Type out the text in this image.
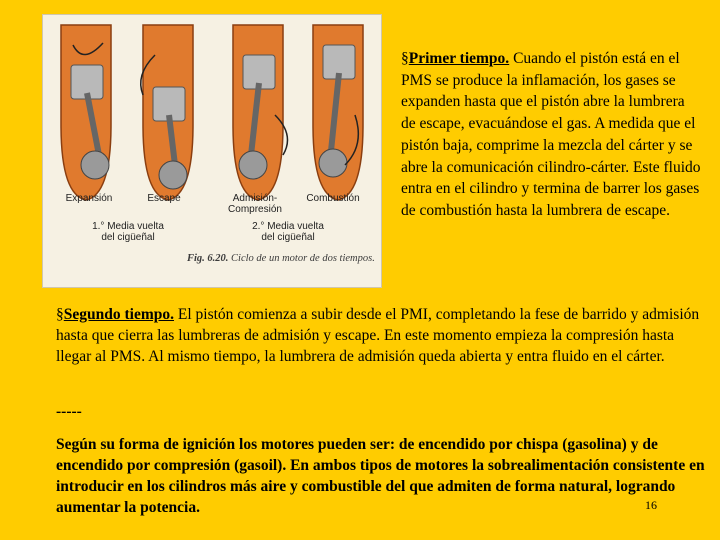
Expansión	Escape	Admisión-
Compresión
Combustión
1.° Media vuelta
del cigüeñal
2.° Media vuelta
del cigüeñal
Fig. 6.20. Ciclo de un motor de dos tiempos.
§Primer tiempo. Cuando el pistón está en el PMS se produce la inflamación, los gases se expanden hasta que el pistón abre la lumbrera de escape, evacuándose el gas. A medida que el pistón baja, comprime la mezcla del cárter y se abre la comunicación cilindro-cárter. Este fluido entra en el cilindro y termina de barrer los gases de combustión hasta la lumbrera de escape.
§Segundo tiempo. El pistón comienza a subir desde el PMI, completando la fese de barrido y admisión hasta que cierra las lumbreras de admisión y escape. En este momento empieza la compresión hasta llegar al PMS. Al mismo tiempo, la lumbrera de admisión queda abierta y entra fluido en el cárter.
-----
Según su forma de ignición los motores pueden ser: de encendido por chispa (gasolina) y de encendido por compresión (gasoil). En ambos tipos de motores la sobrealimentación consistente en introducir en los cilindros más aire y combustible del que admiten de forma natural, logrando aumentar la potencia.	16
